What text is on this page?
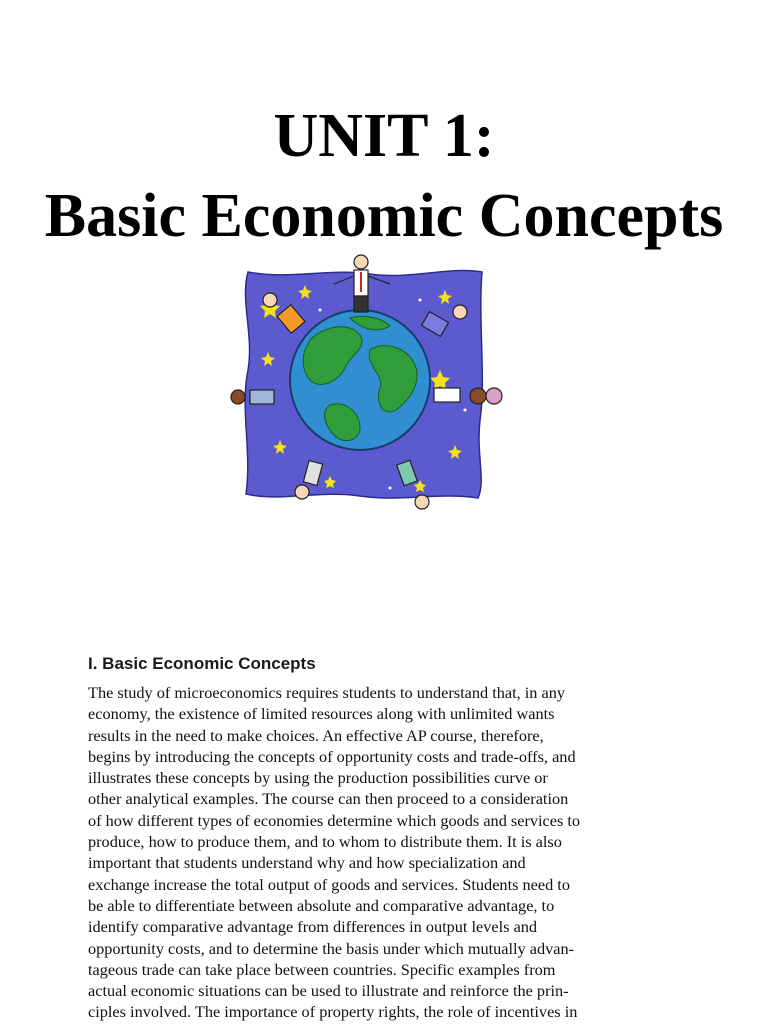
UNIT 1:
Basic Economic Concepts
I. Basic Economic Concepts
The study of microeconomics requires students to understand that, in any
economy, the existence of limited resources along with unlimited wants
results in the need to make choices. An effective AP course, therefore,
begins by introducing the concepts of opportunity costs and trade-offs, and
illustrates these concepts by using the production possibilities curve or
other analytical examples. The course can then proceed to a consideration
of how different types of economies determine which goods and services to
produce, how to produce them, and to whom to distribute them. It is also
important that students understand why and how specialization and
exchange increase the total output of goods and services. Students need to
be able to differentiate between absolute and comparative advantage, to
identify comparative advantage from differences in output levels and
opportunity costs, and to determine the basis under which mutually advan-
tageous trade can take place between countries. Specific examples from
actual economic situations can be used to illustrate and reinforce the prin-
ciples involved. The importance of property rights, the role of incentives in
